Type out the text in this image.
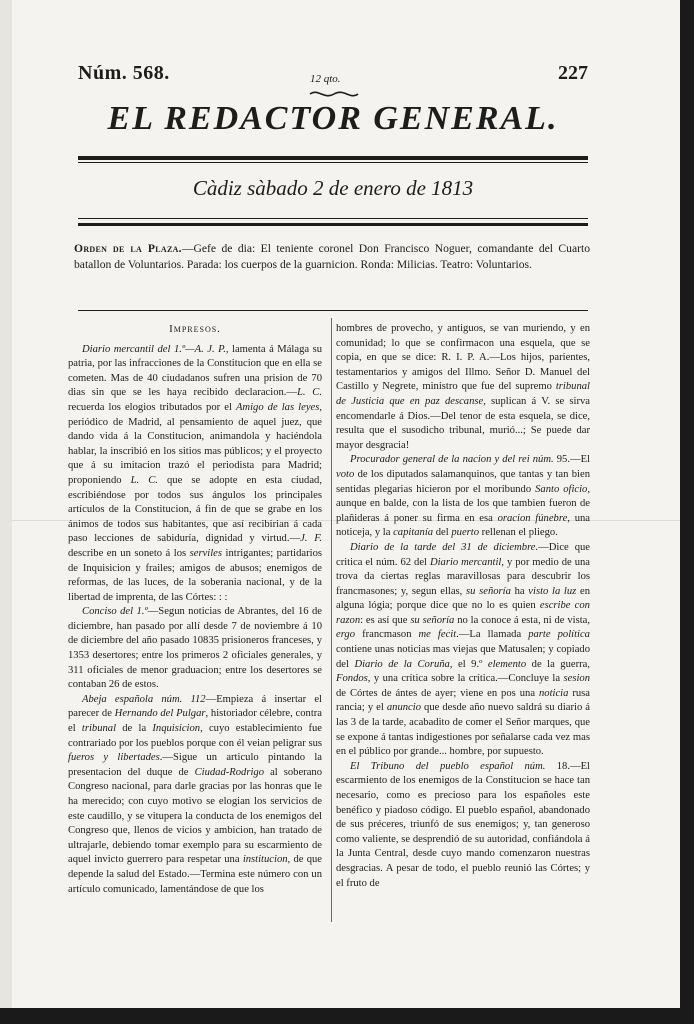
Núm. 568.	12 qto.	227
EL REDACTOR GENERAL.
Càdiz sàbado 2 de enero de 1813
Orden de la Plaza.—Gefe de dia: El teniente coronel Don Francisco Noguer, comandante del Cuarto batallon de Voluntarios. Parada: los cuerpos de la guarnicion. Ronda: Milicias. Teatro: Voluntarios.
Impresos.

Diario mercantil del 1.º—A. J. P., lamenta á Málaga su patria, por las infracciones de la Constitucion que en ella se cometen. Mas de 40 ciudadanos sufren una prision de 70 dias sin que se les haya recibido declaracion.—L. C. recuerda los elogios tributados por el Amigo de las leyes, periódico de Madrid, al pensamiento de aquel juez, que dando vida á la Constitucion, animandola y haciéndola hablar, la inscribió en los sitios mas públicos; y el proyecto que á su imitacion trazó el periodista para Madrid; proponiendo L. C. que se adopte en esta ciudad, escribiéndose por todos sus ángulos los principales artículos de la Constitucion, á fin de que se grabe en los ánimos de todos sus habitantes, que así recibirian á cada paso lecciones de sabiduría, dignidad y virtud.—J. F. describe en un soneto á los serviles intrigantes; partidarios de Inquisicion y frailes; amigos de abusos; enemigos de reformas, de las luces, de la soberania nacional, y de la libertad de imprenta, de las Córtes: : :

Conciso del 1.º—Segun noticias de Abrantes, del 16 de diciembre, han pasado por allí desde 7 de noviembre á 10 de diciembre del año pasado 10835 prisioneros franceses, y 1353 desertores; entre los primeros 2 oficiales generales, y 311 oficiales de menor graduacion; entre los desertores se contaban 26 de estos.

Abeja española núm. 112—Empieza á insertar el parecer de Hernando del Pulgar, historiador célebre, contra el tribunal de la Inquisicion, cuyo establecimiento fue contrariado por los pueblos porque con él veian peligrar sus fueros y libertades.—Sigue un articulo pintando la presentacion del duque de Ciudad-Rodrigo al soberano Congreso nacional, para darle gracias por las honras que le ha merecido; con cuyo motivo se elogian los servicios de este caudillo, y se vitupera la conducta de los enemigos del Congreso que, llenos de vicios y ambicion, han tratado de ultrajarle, debiendo tomar exemplo para su escarmiento de aquel invicto guerrero para respetar una institucion, de que depende la salud del Estado.—Termina este número con un artículo comunicado, lamentándose de que los

hombres de provecho, y antiguos, se van muriendo, y en comunidad; lo que se confirmacon una esquela, que se copia, en que se dice: R. I. P. A.—Los hijos, parientes, testamentarios y amigos del Illmo. Señor D. Manuel del Castillo y Negrete, ministro que fue del supremo tribunal de Justicia que en paz descanse, suplican á V. se sirva encomendarle á Dios.—Del tenor de esta esquela, se dice, resulta que el susodicho tribunal, murió...; Se puede dar mayor desgracia!

Procurador general de la nacion y del rei núm. 95.—El voto de los diputados salamanquinos, que tantas y tan bien sentidas plegarias hicieron por el moribundo Santo oficio, aunque en balde, con la lista de los que tambien fueron de plañideras á poner su firma en esa oracion fúnebre, una noticeja, y la capitanía del puerto rellenan el pliego.

Diario de la tarde del 31 de diciembre.—Dice que critica el núm. 62 del Diario mercantil, y por medio de una trova da ciertas reglas maravillosas para descubrir los francmasones; y, segun ellas, su señoría ha visto la luz en alguna lógia; porque dice que no lo es quien escribe con razon: es así que su señoría no la conoce á esta, ni de vista, ergo francmason me fecit.—La llamada parte política contiene unas noticias mas viejas que Matusalen; y copiado del Diario de la Coruña, el 9.º elemento de la guerra, Fondos, y una crítica sobre la crítica.—Concluye la sesion de Córtes de ántes de ayer; viene en pos una noticia rusa rancia; y el anuncio que desde año nuevo saldrá su diario á las 3 de la tarde, acabadito de comer el Señor marques, que se expone á tantas indigestiones por señalarse cada vez mas en el público por grande... hombre, por supuesto.

El Tribuno del pueblo español núm. 18.—El escarmiento de los enemigos de la Constitucion se hace tan necesario, como es precioso para los españoles este benéfico y piadoso código. El pueblo español, abandonado de sus préceres, triunfó de sus enemigos; y, tan generoso como valiente, se desprendió de su autoridad, confiándola á la Junta Central, desde cuyo mando comenzaron nuestras desgracias. A pesar de todo, el pueblo reunió las Córtes; y el fruto de
